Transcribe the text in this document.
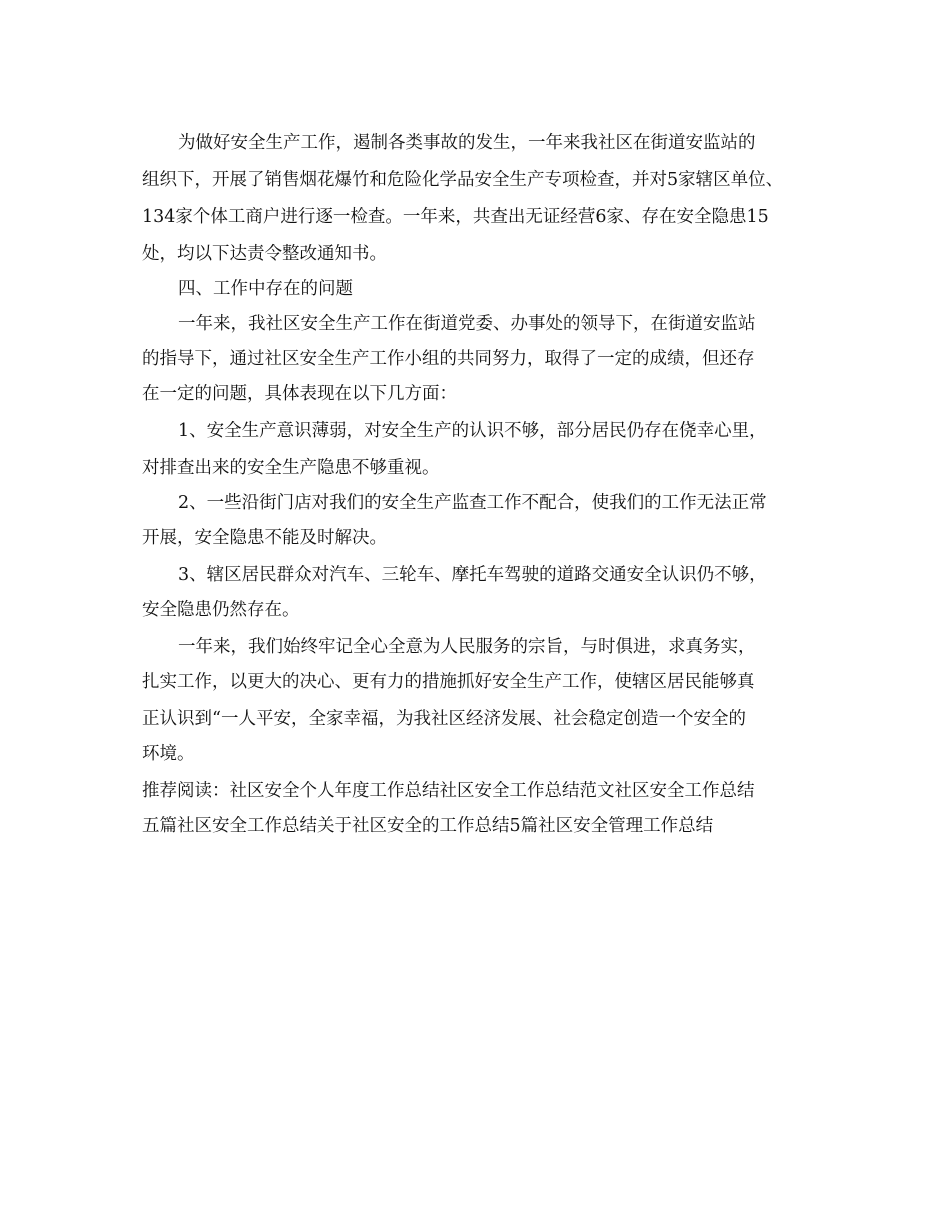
为做好安全生产工作，遏制各类事故的发生，一年来我社区在街道安监站的
组织下，开展了销售烟花爆竹和危险化学品安全生产专项检查，并对5家辖区单位、
134家个体工商户进行逐一检查。一年来，共查出无证经营6家、存在安全隐患15
处，均以下达责令整改通知书。
四、工作中存在的问题
一年来，我社区安全生产工作在街道党委、办事处的领导下，在街道安监站
的指导下，通过社区安全生产工作小组的共同努力，取得了一定的成绩，但还存
在一定的问题，具体表现在以下几方面：
1、安全生产意识薄弱，对安全生产的认识不够，部分居民仍存在侥幸心里，
对排查出来的安全生产隐患不够重视。
2、一些沿街门店对我们的安全生产监查工作不配合，使我们的工作无法正常
开展，安全隐患不能及时解决。
3、辖区居民群众对汽车、三轮车、摩托车驾驶的道路交通安全认识仍不够，
安全隐患仍然存在。
一年来，我们始终牢记全心全意为人民服务的宗旨，与时俱进，求真务实，
扎实工作，以更大的决心、更有力的措施抓好安全生产工作，使辖区居民能够真
正认识到“一人平安，全家幸福，为我社区经济发展、社会稳定创造一个安全的
环境。
推荐阅读：社区安全个人年度工作总结社区安全工作总结范文社区安全工作总结
五篇社区安全工作总结关于社区安全的工作总结5篇社区安全管理工作总结
